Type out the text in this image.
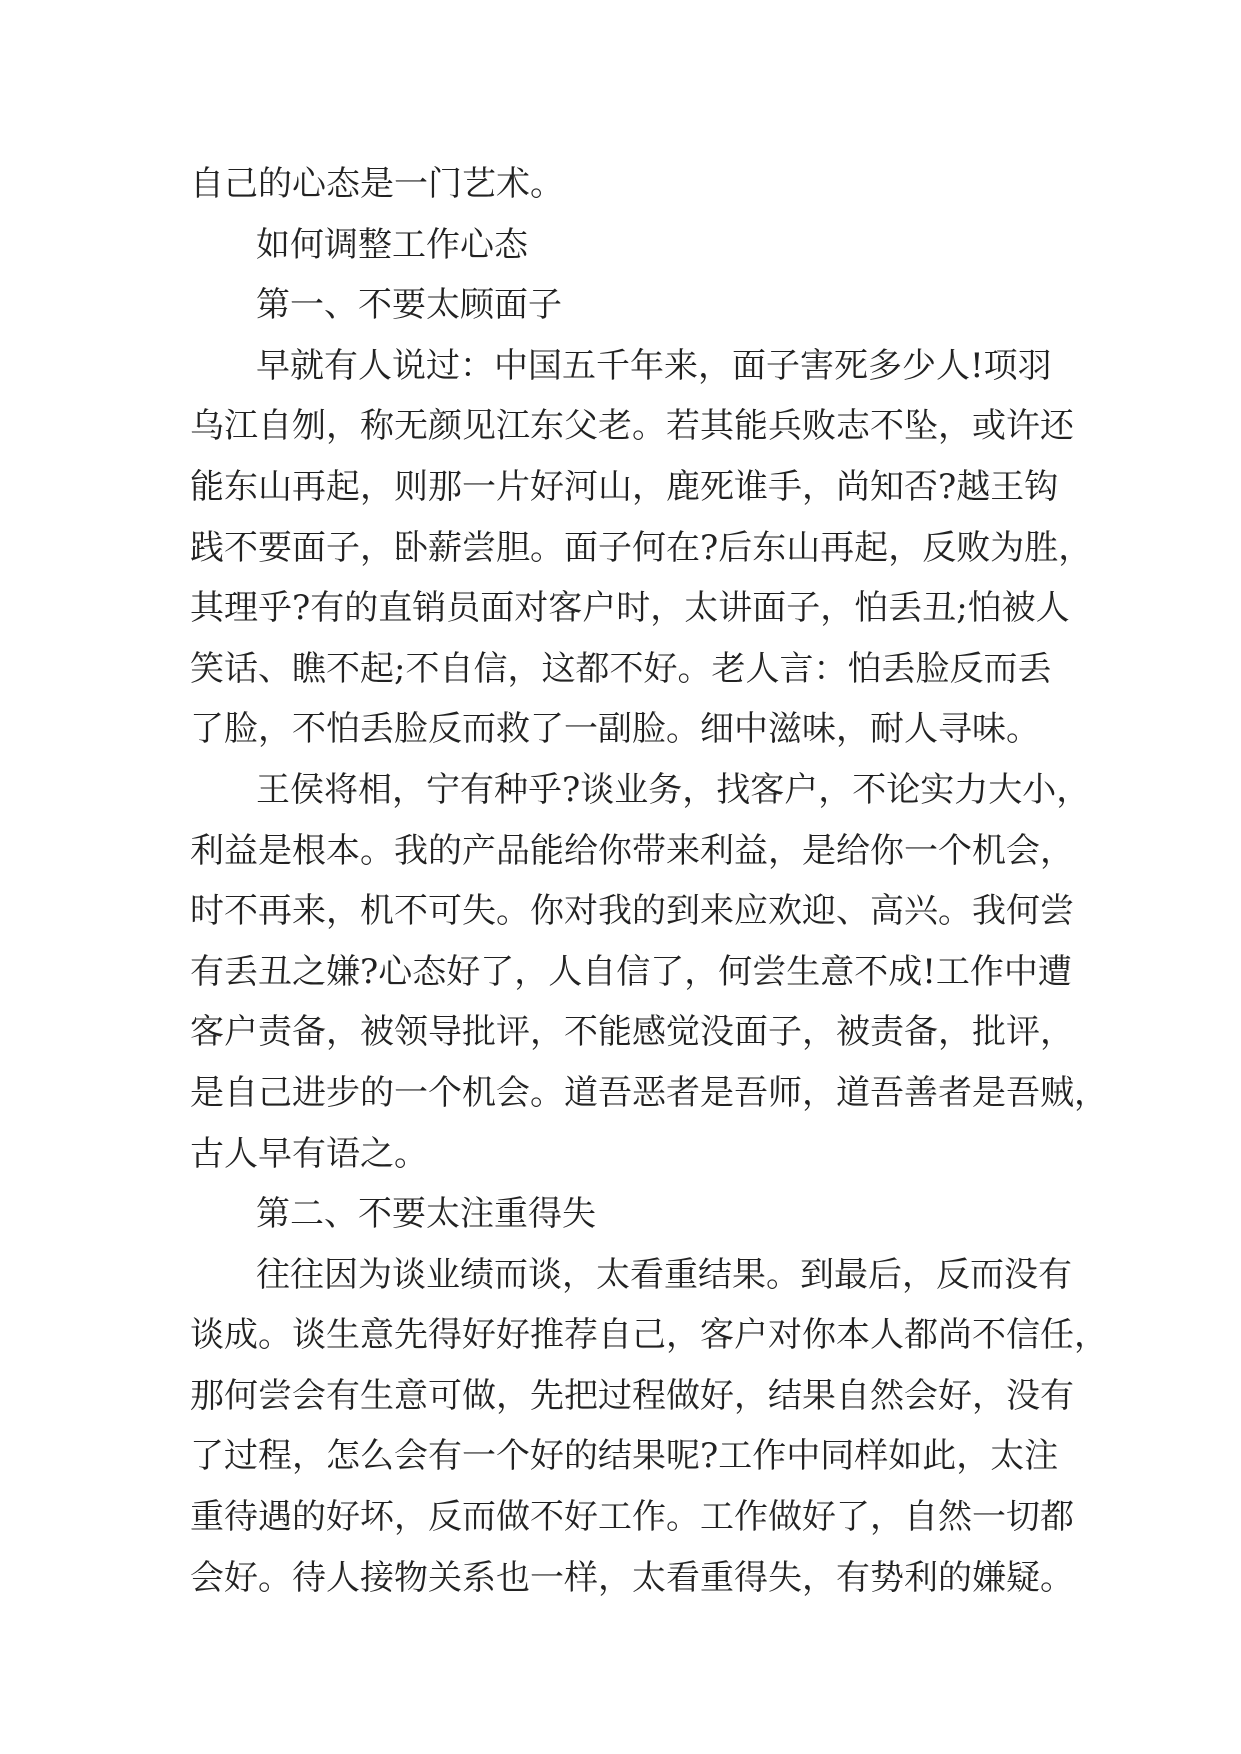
自己的心态是一门艺术。
如何调整工作心态
第一、不要太顾面子
早就有人说过：中国五千年来，面子害死多少人!项羽
乌江自刎，称无颜见江东父老。若其能兵败志不坠，或许还
能东山再起，则那一片好河山，鹿死谁手，尚知否?越王钩
践不要面子，卧薪尝胆。面子何在?后东山再起，反败为胜，
其理乎?有的直销员面对客户时，太讲面子，怕丢丑;怕被人
笑话、瞧不起;不自信，这都不好。老人言：怕丢脸反而丢
了脸，不怕丢脸反而救了一副脸。细中滋味，耐人寻味。
王侯将相，宁有种乎?谈业务，找客户，不论实力大小，
利益是根本。我的产品能给你带来利益，是给你一个机会，
时不再来，机不可失。你对我的到来应欢迎、高兴。我何尝
有丢丑之嫌?心态好了，人自信了，何尝生意不成!工作中遭
客户责备，被领导批评，不能感觉没面子，被责备，批评，
是自己进步的一个机会。道吾恶者是吾师，道吾善者是吾贼，
古人早有语之。
第二、不要太注重得失
往往因为谈业绩而谈，太看重结果。到最后，反而没有
谈成。谈生意先得好好推荐自己，客户对你本人都尚不信任，
那何尝会有生意可做，先把过程做好，结果自然会好，没有
了过程，怎么会有一个好的结果呢?工作中同样如此，太注
重待遇的好坏，反而做不好工作。工作做好了，自然一切都
会好。待人接物关系也一样，太看重得失，有势利的嫌疑。
